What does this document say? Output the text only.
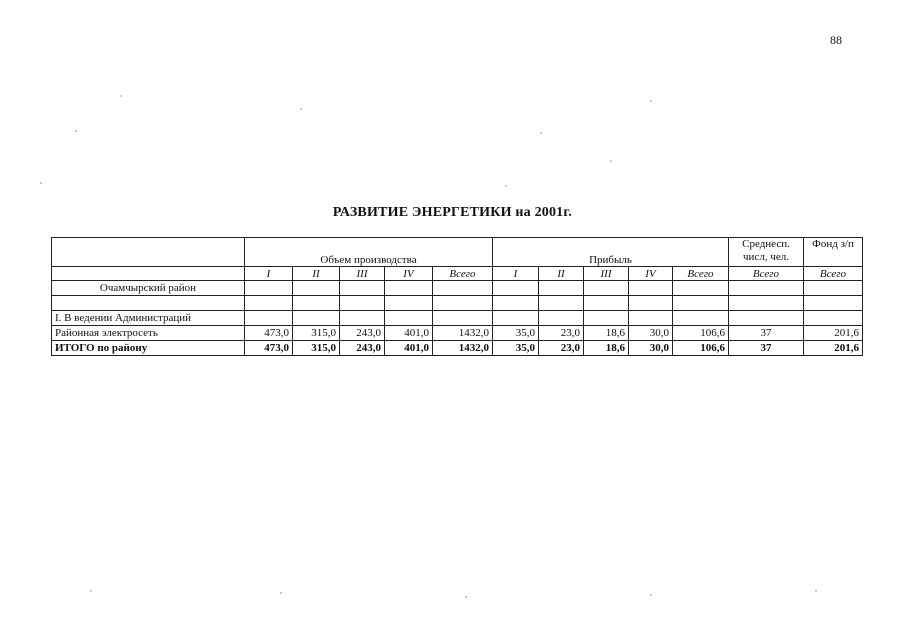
88
РАЗВИТИЕ ЭНЕРГЕТИКИ на 2001г.
	Объем производства					Прибыль					Среднесп. числ, чел.	Фонд з/п
	I	II	III	IV	Всего	I	II	III	IV	Всего	Всего	Всего
Очамчырский район												

I. В ведении Администраций												
Районная электросеть	473,0	315,0	243,0	401,0	1432,0	35,0	23,0	18,6	30,0	106,6	37	201,6
ИТОГО по району	473,0	315,0	243,0	401,0	1432,0	35,0	23,0	18,6	30,0	106,6	37	201,6
